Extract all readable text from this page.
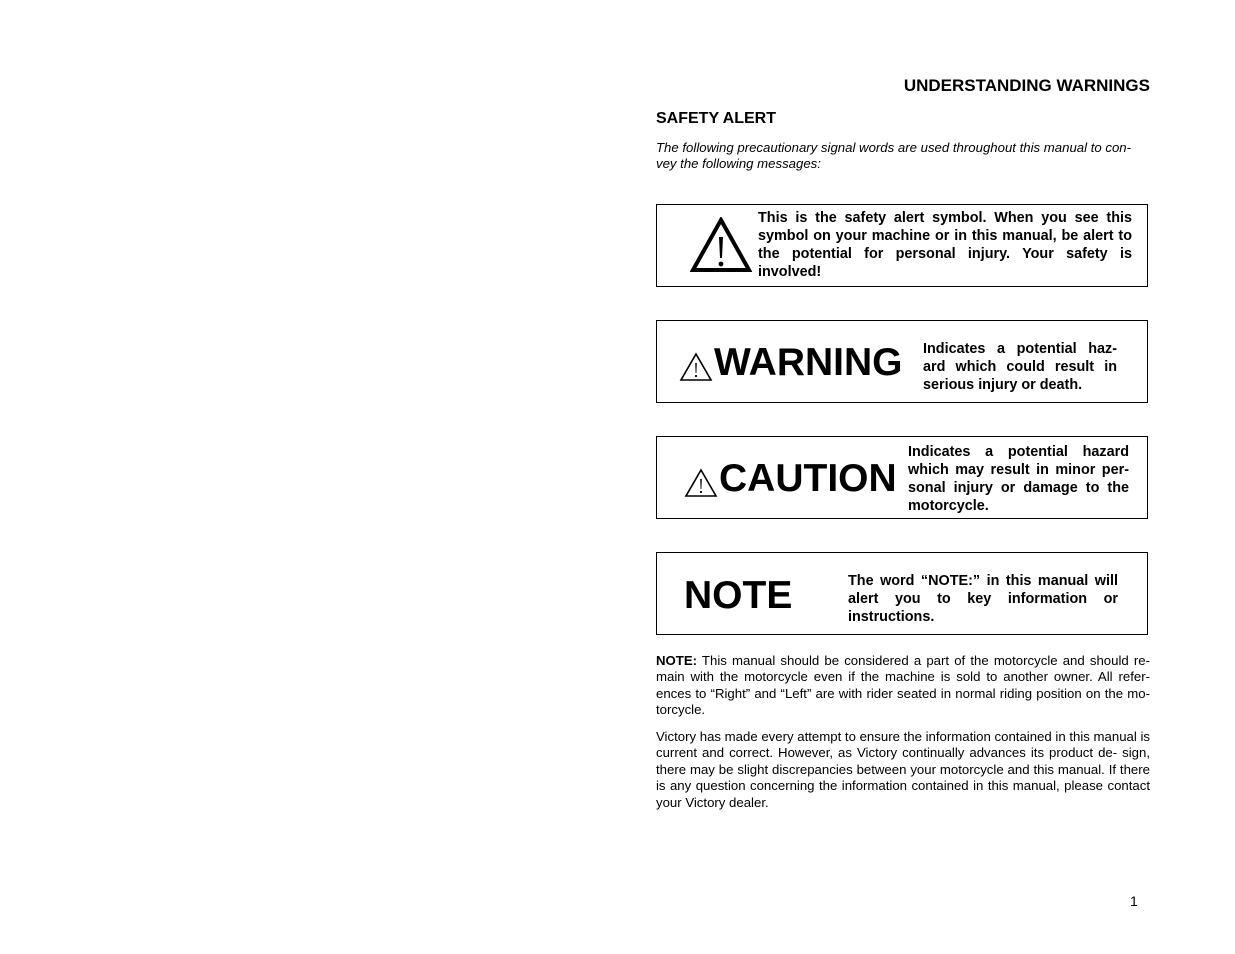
UNDERSTANDING WARNINGS
SAFETY ALERT
The following precautionary signal words are used throughout this manual to con-
vey the following messages:
This is the safety alert symbol. When you see this symbol on your machine or in this manual, be alert to the potential for personal injury. Your safety is involved!
WARNING Indicates a potential haz- ard which could result in serious injury or death.
CAUTION
Indicates a potential hazard which may result in minor per- sonal injury or damage to the motorcycle.
NOTE	The word “NOTE:” in this manual will alert you to key information or instructions.
NOTE: This manual should be considered a part of the motorcycle and should re- main with the motorcycle even if the machine is sold to another owner. All refer- ences to “Right” and “Left” are with rider seated in normal riding position on the mo- torcycle.
Victory has made every attempt to ensure the information contained in this manual is current and correct. However, as Victory continually advances its product de- sign, there may be slight discrepancies between your motorcycle and this manual. If there is any question concerning the information contained in this manual, please contact your Victory dealer.
1
